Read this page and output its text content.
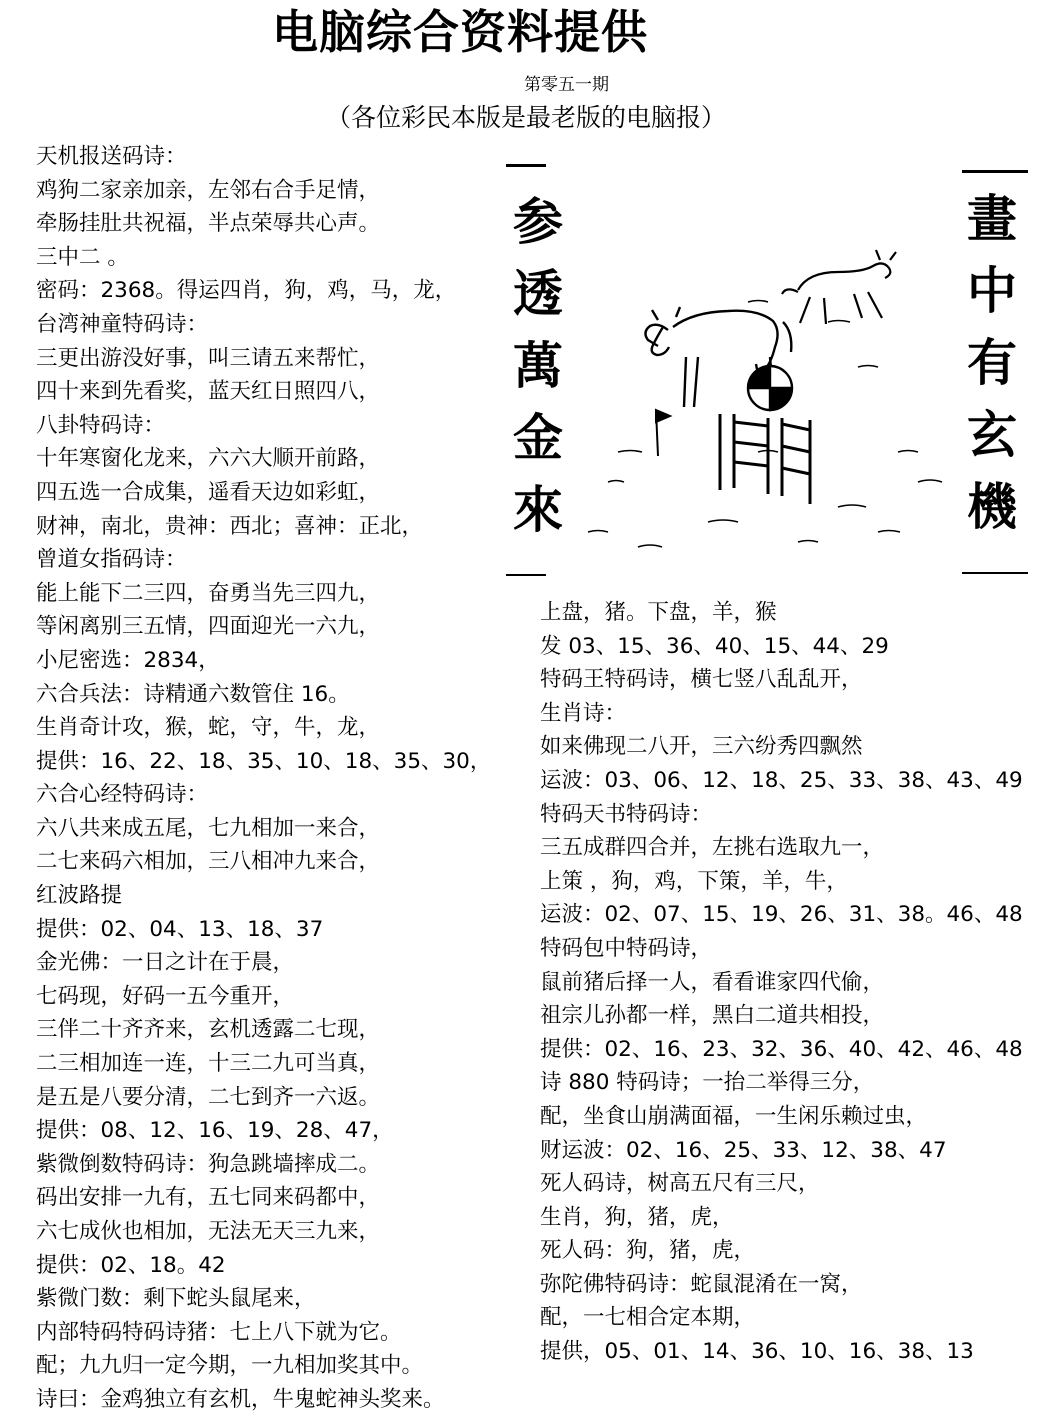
电脑综合资料提供
第零五一期
（各位彩民本版是最老版的电脑报）
天机报送码诗：
鸡狗二家亲加亲，左邻右合手足情，
牵肠挂肚共祝福，半点荣辱共心声。
三中二 。
密码：2368。得运四肖，狗，鸡，马，龙，
台湾神童特码诗：
三更出游没好事，叫三请五来帮忙，
四十来到先看奖，蓝天红日照四八，
八卦特码诗：
十年寒窗化龙来，六六大顺开前路，
四五选一合成集，遥看天边如彩虹，
财神，南北，贵神：西北；喜神：正北，
曾道女指码诗：
能上能下二三四，奋勇当先三四九，
等闲离别三五情，四面迎光一六九，
小尼密选：2834，
六合兵法：诗精通六数管住 16。
生肖奇计攻，猴，蛇，守，牛，龙，
提供：16、22、18、35、10、18、35、30，
六合心经特码诗：
六八共来成五尾，七九相加一来合，
二七来码六相加，三八相冲九来合，
红波路提
提供：02、04、13、18、37
金光佛：一日之计在于晨，
七码现，好码一五今重开，
三伴二十齐齐来，玄机透露二七现，
二三相加连一连，十三二九可当真，
是五是八要分清，二七到齐一六返。
提供：08、12、16、19、28、47，
紫微倒数特码诗：狗急跳墙摔成二。
码出安排一九有，五七同来码都中，
六七成伙也相加，无法无天三九来，
提供：02、18。42
紫微门数：剩下蛇头鼠尾来，
内部特码特码诗猪：七上八下就为它。
配；九九归一定今期，一九相加奖其中。
诗曰：金鸡独立有玄机，牛鬼蛇神头奖来。
上盘，猪。下盘，羊，猴
发 03、15、36、40、15、44、29
特码王特码诗，横七竖八乱乱开，
生肖诗：
如来佛现二八开，三六纷秀四飘然
运波：03、06、12、18、25、33、38、43、49
特码天书特码诗：
三五成群四合并，左挑右选取九一，
上策 ，狗，鸡，下策，羊，牛，
运波：02、07、15、19、26、31、38。46、48
特码包中特码诗，
鼠前猪后择一人，看看谁家四代偷，
祖宗儿孙都一样，黑白二道共相投，
提供：02、16、23、32、36、40、42、46、48
诗 880 特码诗；一抬二举得三分，
配，坐食山崩满面福，一生闲乐赖过虫，
财运波：02、16、25、33、12、38、47
死人码诗，树高五尺有三尺，
生肖，狗，猪，虎，
死人码：狗，猪，虎，
弥陀佛特码诗：蛇鼠混淆在一窝，
配，一七相合定本期，
提供，05、01、14、36、10、16、38、13
参透萬金來	畫中有玄機
